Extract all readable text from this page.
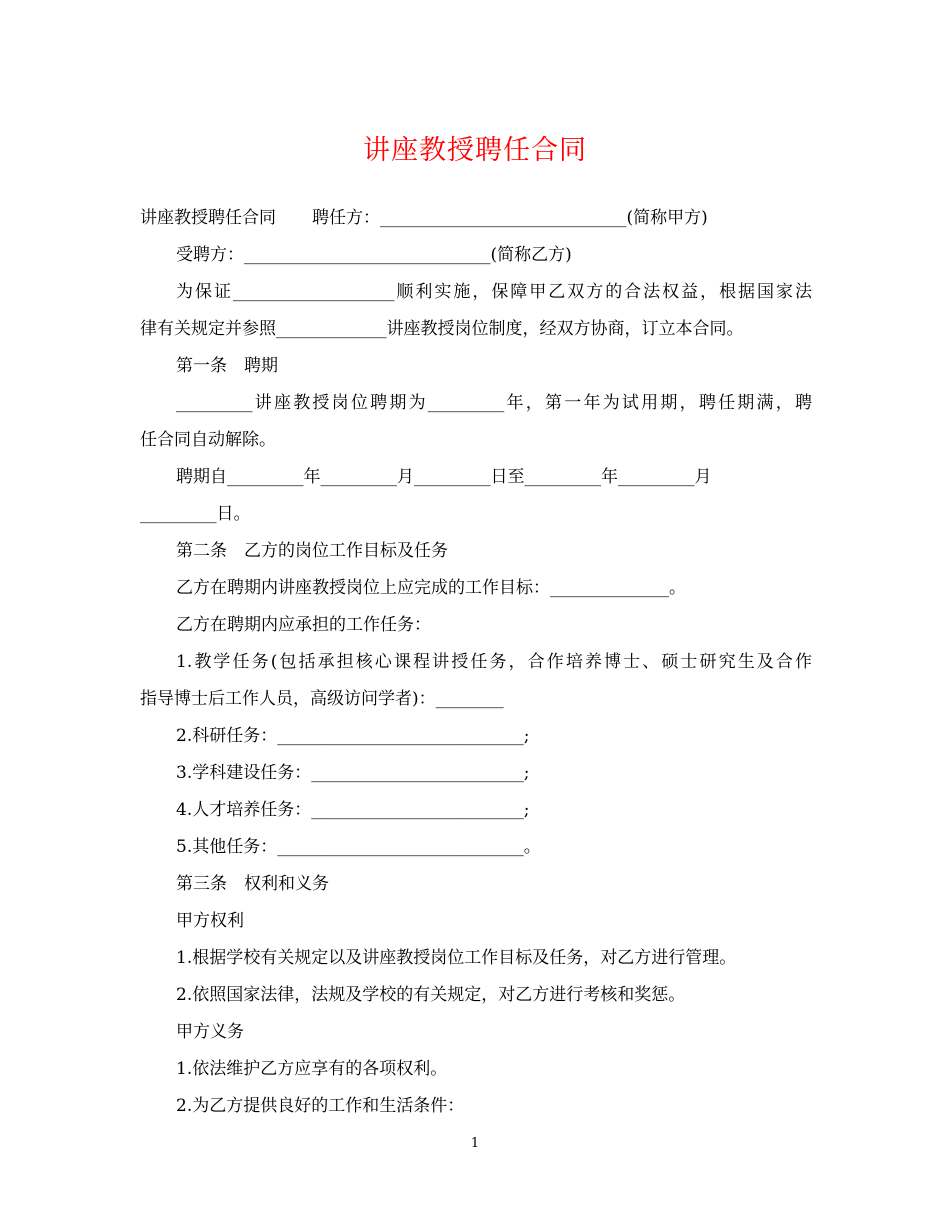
讲座教授聘任合同
讲座教授聘任合同 聘任方：_____________________________(简称甲方)
受聘方：_____________________________(简称乙方)
为保证___________________顺利实施，保障甲乙双方的合法权益，根据国家法
律有关规定并参照_____________讲座教授岗位制度，经双方协商，订立本合同。
第一条　聘期
_________讲座教授岗位聘期为_________年，第一年为试用期，聘任期满，聘
任合同自动解除。
聘期自_________年_________月_________日至_________年_________月
_________日。
第二条　乙方的岗位工作目标及任务
乙方在聘期内讲座教授岗位上应完成的工作目标：______________。
乙方在聘期内应承担的工作任务：
1.教学任务(包括承担核心课程讲授任务，合作培养博士、硕士研究生及合作
指导博士后工作人员，高级访问学者)：________
2.科研任务：_____________________________;
3.学科建设任务：_________________________;
4.人才培养任务：_________________________;
5.其他任务：_____________________________。
第三条　权利和义务
甲方权利
1.根据学校有关规定以及讲座教授岗位工作目标及任务，对乙方进行管理。
2.依照国家法律，法规及学校的有关规定，对乙方进行考核和奖惩。
甲方义务
1.依法维护乙方应享有的各项权利。
2.为乙方提供良好的工作和生活条件：
1
